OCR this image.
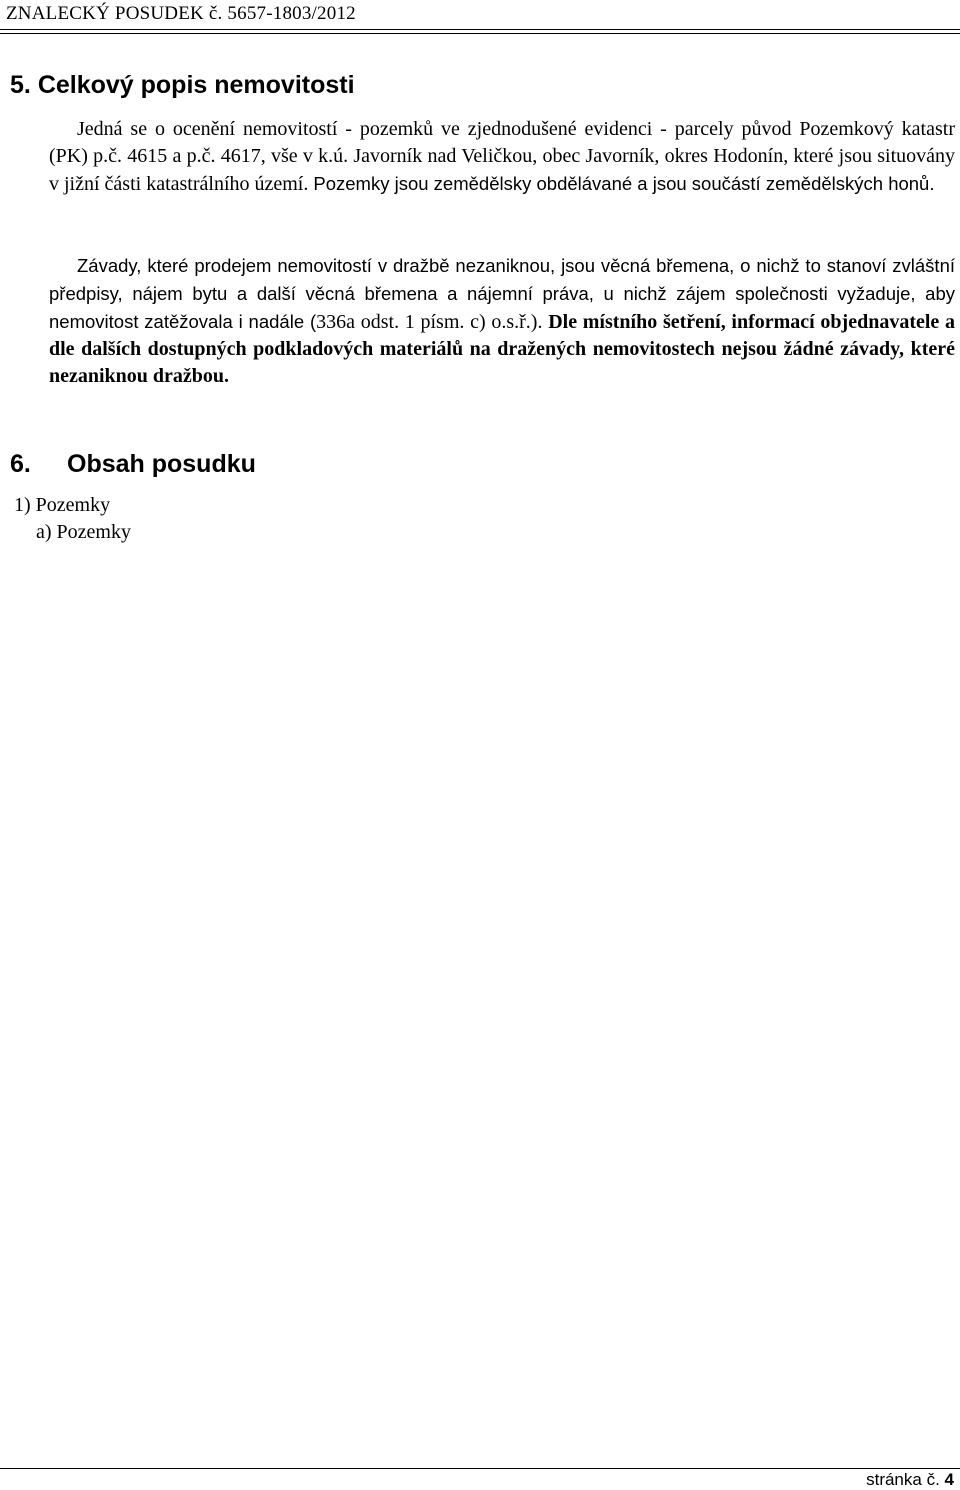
ZNALECKÝ POSUDEK č. 5657-1803/2012
5. Celkový popis nemovitosti
Jedná se o ocenění nemovitostí - pozemků ve zjednodušené evidenci - parcely původ Pozemkový katastr (PK) p.č. 4615 a p.č. 4617, vše v k.ú. Javorník nad Veličkou, obec Javorník, okres Hodonín, které jsou situovány v jižní části katastrálního území. Pozemky jsou zemědělsky obdělávané a jsou součástí zemědělských honů.
Závady, které prodejem nemovitostí v dražbě nezaniknou, jsou věcná břemena, o nichž to stanoví zvláštní předpisy, nájem bytu a další věcná břemena a nájemní práva, u nichž zájem společnosti vyžaduje, aby nemovitost zatěžovala i nadále (336a odst. 1 písm. c) o.s.ř.). Dle místního šetření, informací objednavatele a dle dalších dostupných podkladových materiálů na dražených nemovitostech nejsou žádné závady, které nezaniknou dražbou.
6. Obsah posudku
1) Pozemky
a) Pozemky
stránka č. 4
